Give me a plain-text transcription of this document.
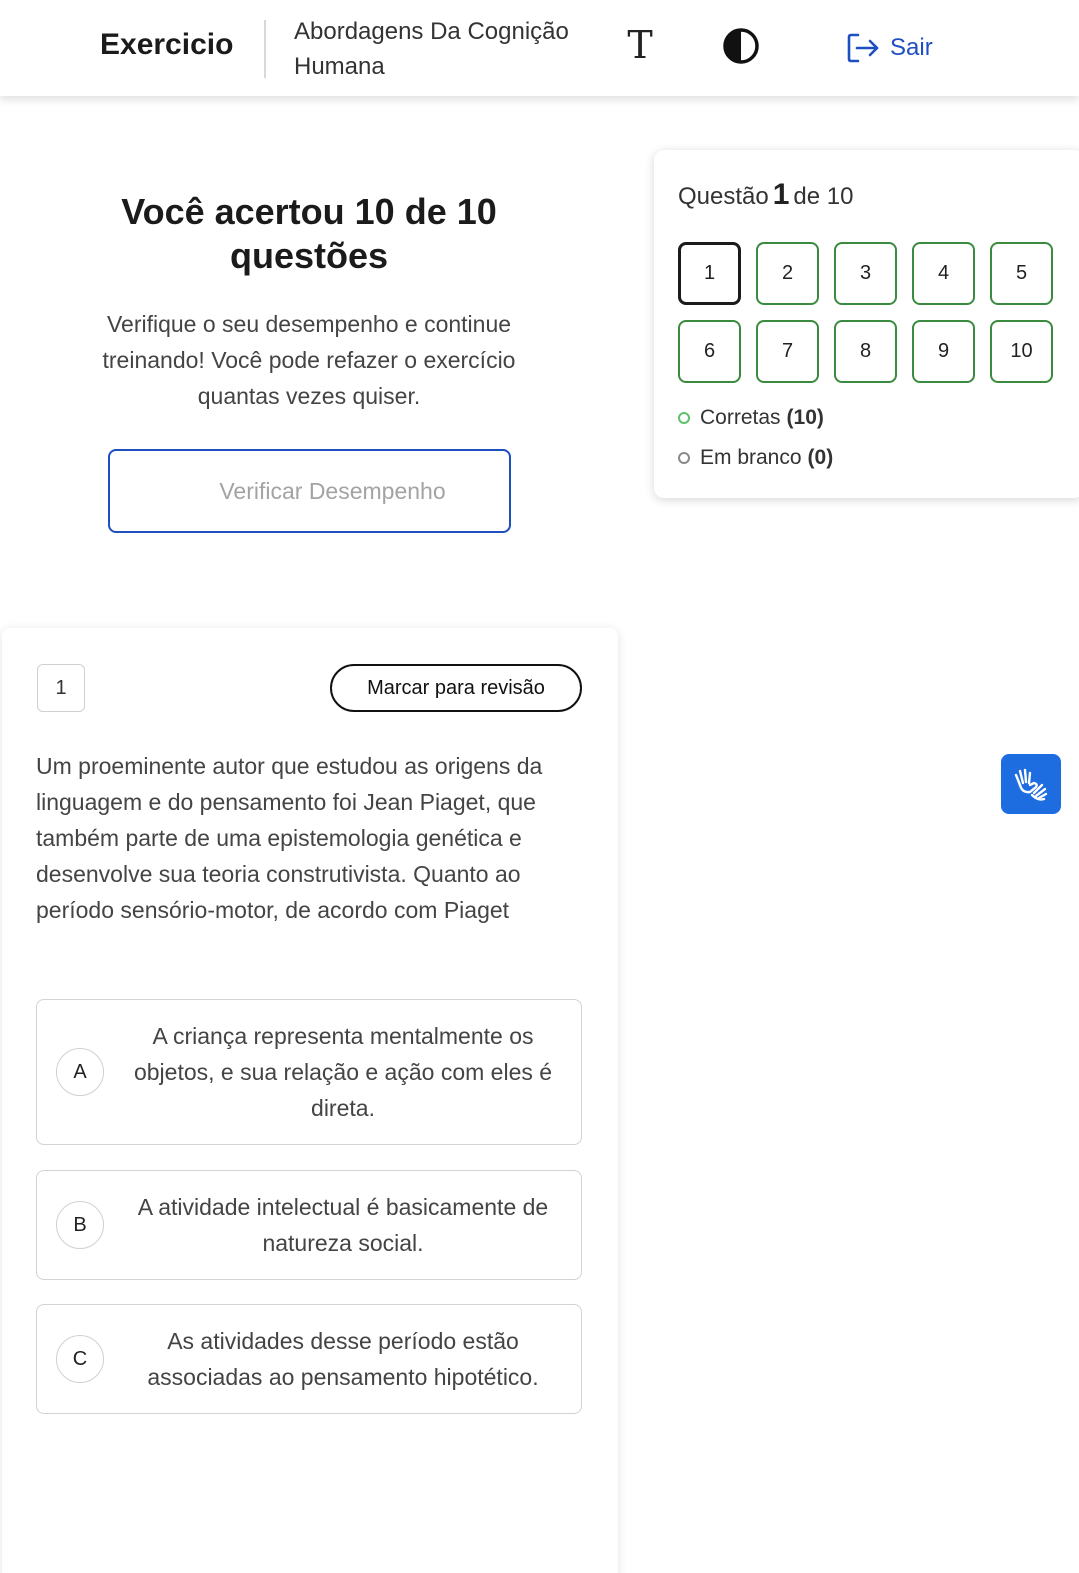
Exercicio	Abordagens Da Cognição Humana	T	Sair
Você acertou 10 de 10 questões
Verifique o seu desempenho e continue treinando! Você pode refazer o exercício quantas vezes quiser.
Verificar Desempenho
Questão 1 de 10
1	2	3	4	5
6	7	8	9	10
Corretas (10)
Em branco (0)
1	Marcar para revisão
Um proeminente autor que estudou as origens da linguagem e do pensamento foi Jean Piaget, que também parte de uma epistemologia genética e desenvolve sua teoria construtivista. Quanto ao período sensório-motor, de acordo com Piaget
A
A criança representa mentalmente os objetos, e sua relação e ação com eles é direta.
B
A atividade intelectual é basicamente de natureza social.
C
As atividades desse período estão associadas ao pensamento hipotético.
